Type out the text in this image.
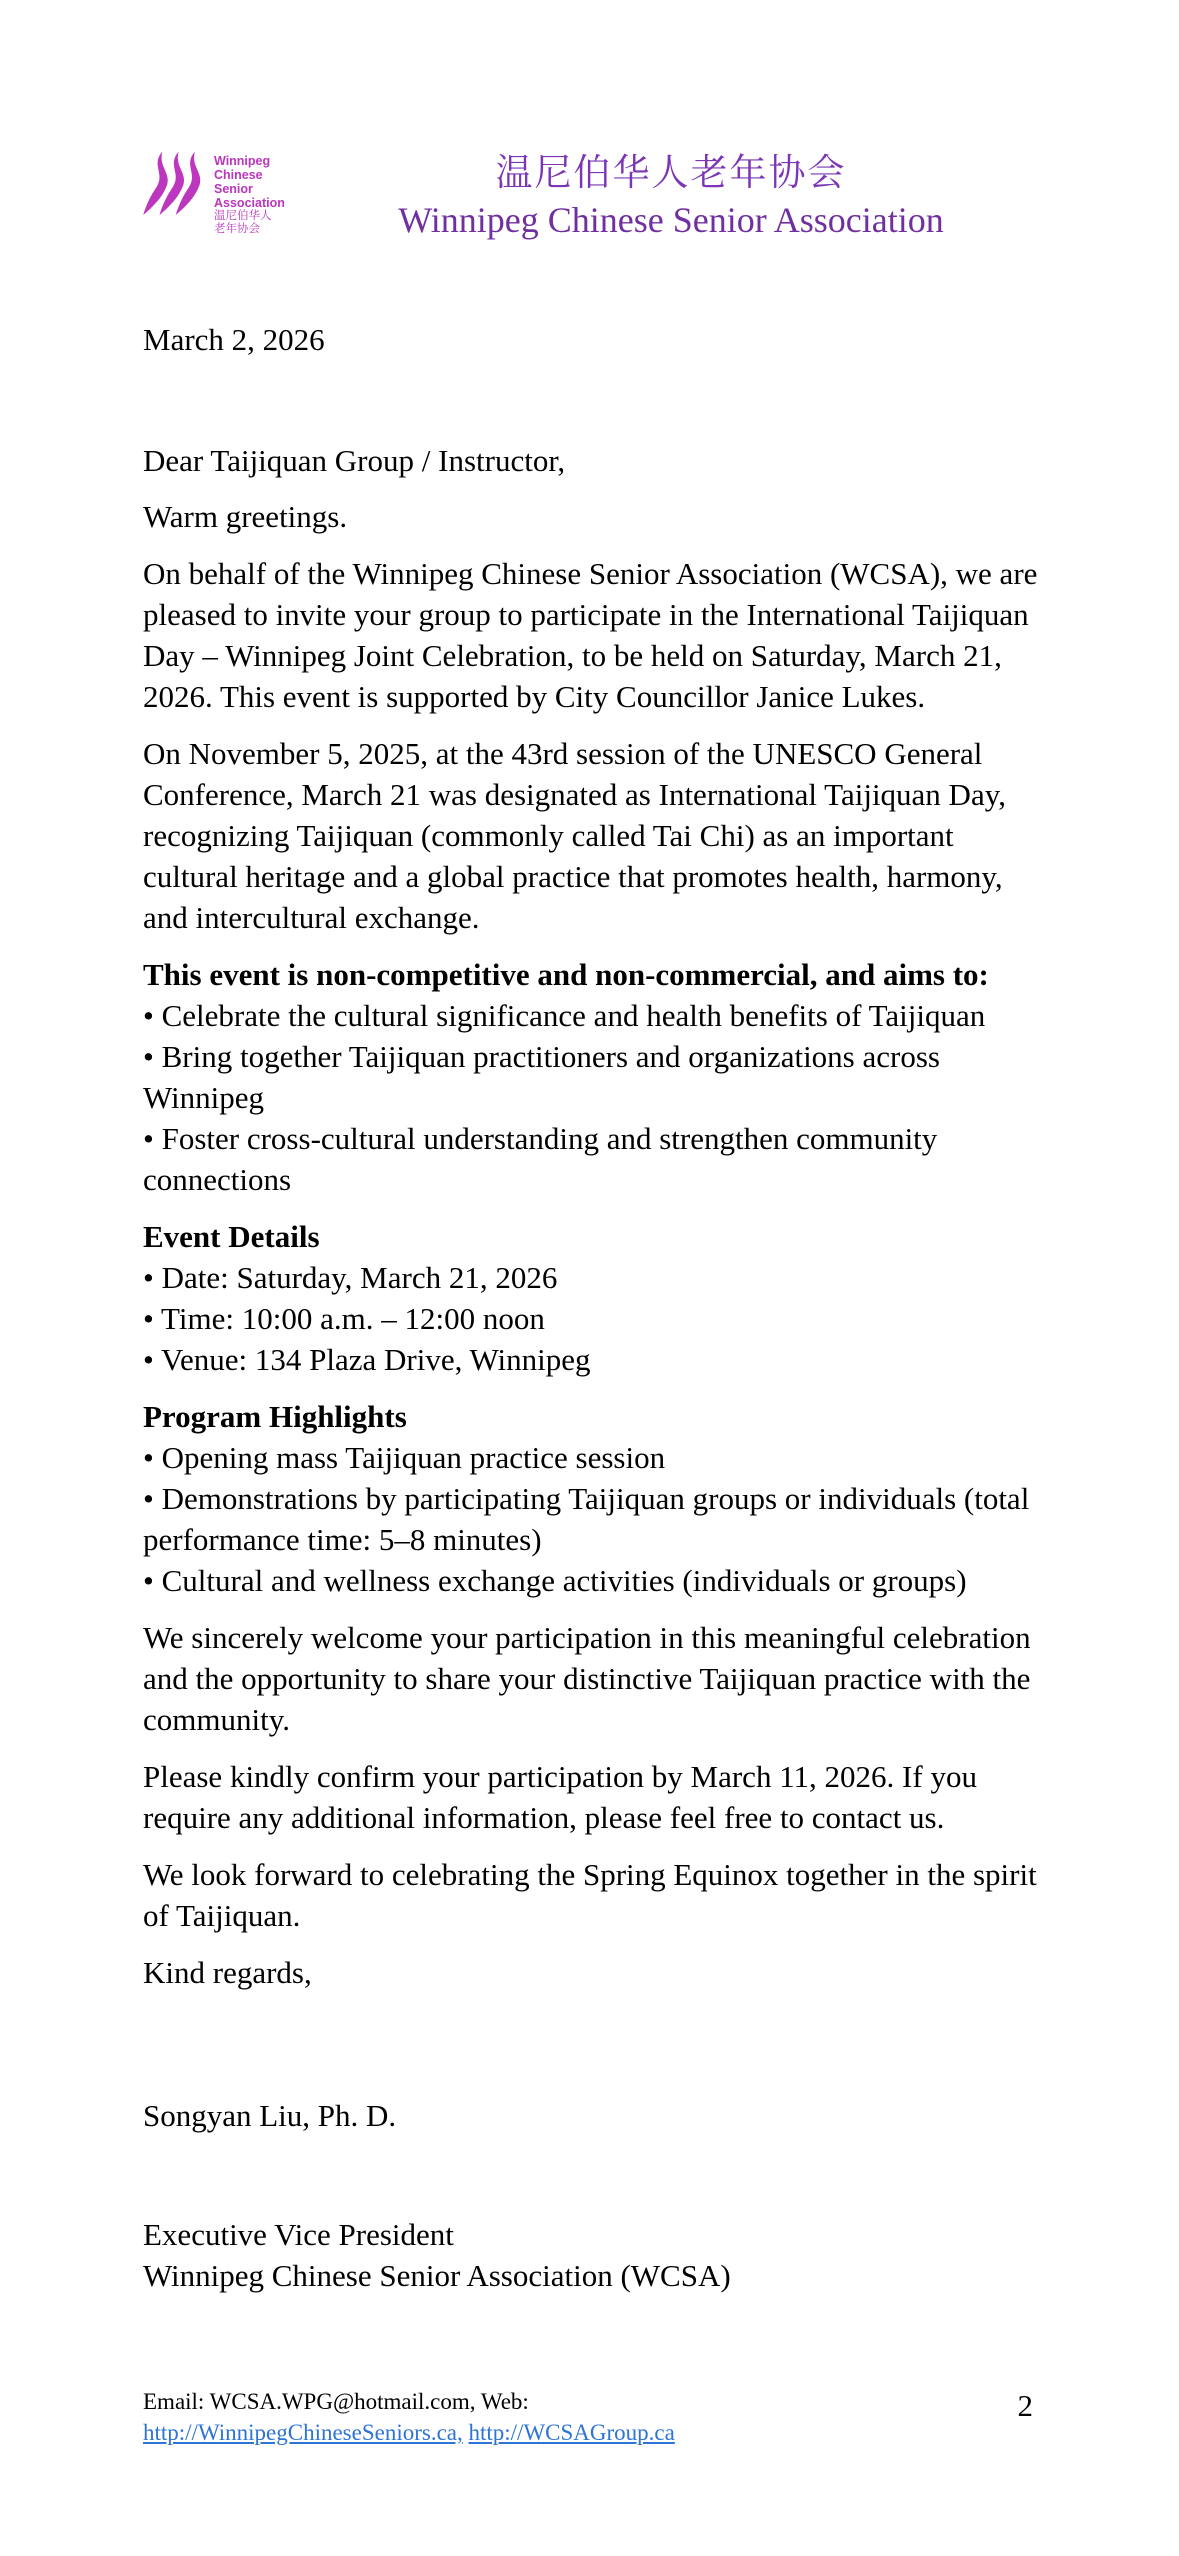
Winnipeg
Chinese
Senior
Association
温尼伯华人
老年协会
温尼伯华人老年协会
Winnipeg Chinese Senior Association
March 2, 2026
Dear Taijiquan Group / Instructor,
Warm greetings.
On behalf of the Winnipeg Chinese Senior Association (WCSA), we are pleased to invite your group to participate in the International Taijiquan Day – Winnipeg Joint Celebration, to be held on Saturday, March 21, 2026. This event is supported by City Councillor Janice Lukes.
On November 5, 2025, at the 43rd session of the UNESCO General Conference, March 21 was designated as International Taijiquan Day, recognizing Taijiquan (commonly called Tai Chi) as an important cultural heritage and a global practice that promotes health, harmony, and intercultural exchange.
This event is non-competitive and non-commercial, and aims to:
• Celebrate the cultural significance and health benefits of Taijiquan
• Bring together Taijiquan practitioners and organizations across Winnipeg
• Foster cross-cultural understanding and strengthen community connections
Event Details
• Date: Saturday, March 21, 2026
• Time: 10:00 a.m. – 12:00 noon
• Venue: 134 Plaza Drive, Winnipeg
Program Highlights
• Opening mass Taijiquan practice session
• Demonstrations by participating Taijiquan groups or individuals (total performance time: 5–8 minutes)
• Cultural and wellness exchange activities (individuals or groups)
We sincerely welcome your participation in this meaningful celebration and the opportunity to share your distinctive Taijiquan practice with the community.
Please kindly confirm your participation by March 11, 2026. If you require any additional information, please feel free to contact us.
We look forward to celebrating the Spring Equinox together in the spirit of Taijiquan.
Kind regards,
Songyan Liu, Ph. D.
Executive Vice President
Winnipeg Chinese Senior Association (WCSA)
Email: WCSA.WPG@hotmail.com, Web:
http://WinnipegChineseSeniors.ca, http://WCSAGroup.ca
2
